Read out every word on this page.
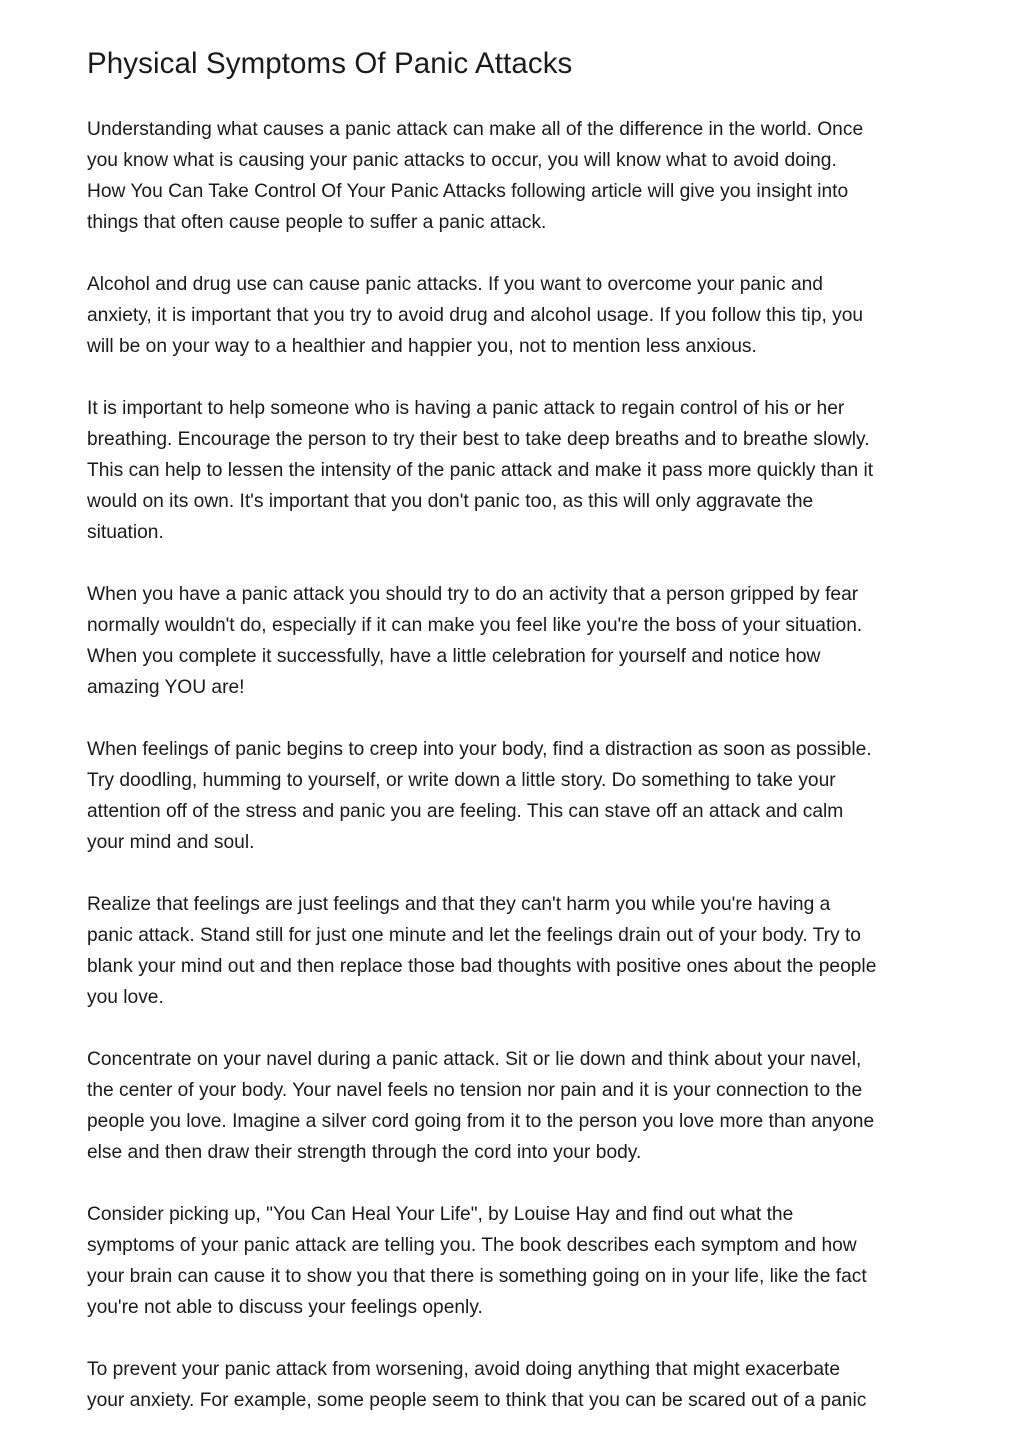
Physical Symptoms Of Panic Attacks
Understanding what causes a panic attack can make all of the difference in the world. Once
you know what is causing your panic attacks to occur, you will know what to avoid doing.
How You Can Take Control Of Your Panic Attacks following article will give you insight into
things that often cause people to suffer a panic attack.
Alcohol and drug use can cause panic attacks. If you want to overcome your panic and
anxiety, it is important that you try to avoid drug and alcohol usage. If you follow this tip, you
will be on your way to a healthier and happier you, not to mention less anxious.
It is important to help someone who is having a panic attack to regain control of his or her
breathing. Encourage the person to try their best to take deep breaths and to breathe slowly.
This can help to lessen the intensity of the panic attack and make it pass more quickly than it
would on its own. It's important that you don't panic too, as this will only aggravate the
situation.
When you have a panic attack you should try to do an activity that a person gripped by fear
normally wouldn't do, especially if it can make you feel like you're the boss of your situation.
When you complete it successfully, have a little celebration for yourself and notice how
amazing YOU are!
When feelings of panic begins to creep into your body, find a distraction as soon as possible.
Try doodling, humming to yourself, or write down a little story. Do something to take your
attention off of the stress and panic you are feeling. This can stave off an attack and calm
your mind and soul.
Realize that feelings are just feelings and that they can't harm you while you're having a
panic attack. Stand still for just one minute and let the feelings drain out of your body. Try to
blank your mind out and then replace those bad thoughts with positive ones about the people
you love.
Concentrate on your navel during a panic attack. Sit or lie down and think about your navel,
the center of your body. Your navel feels no tension nor pain and it is your connection to the
people you love. Imagine a silver cord going from it to the person you love more than anyone
else and then draw their strength through the cord into your body.
Consider picking up, "You Can Heal Your Life", by Louise Hay and find out what the
symptoms of your panic attack are telling you. The book describes each symptom and how
your brain can cause it to show you that there is something going on in your life, like the fact
you're not able to discuss your feelings openly.
To prevent your panic attack from worsening, avoid doing anything that might exacerbate
your anxiety. For example, some people seem to think that you can be scared out of a panic
